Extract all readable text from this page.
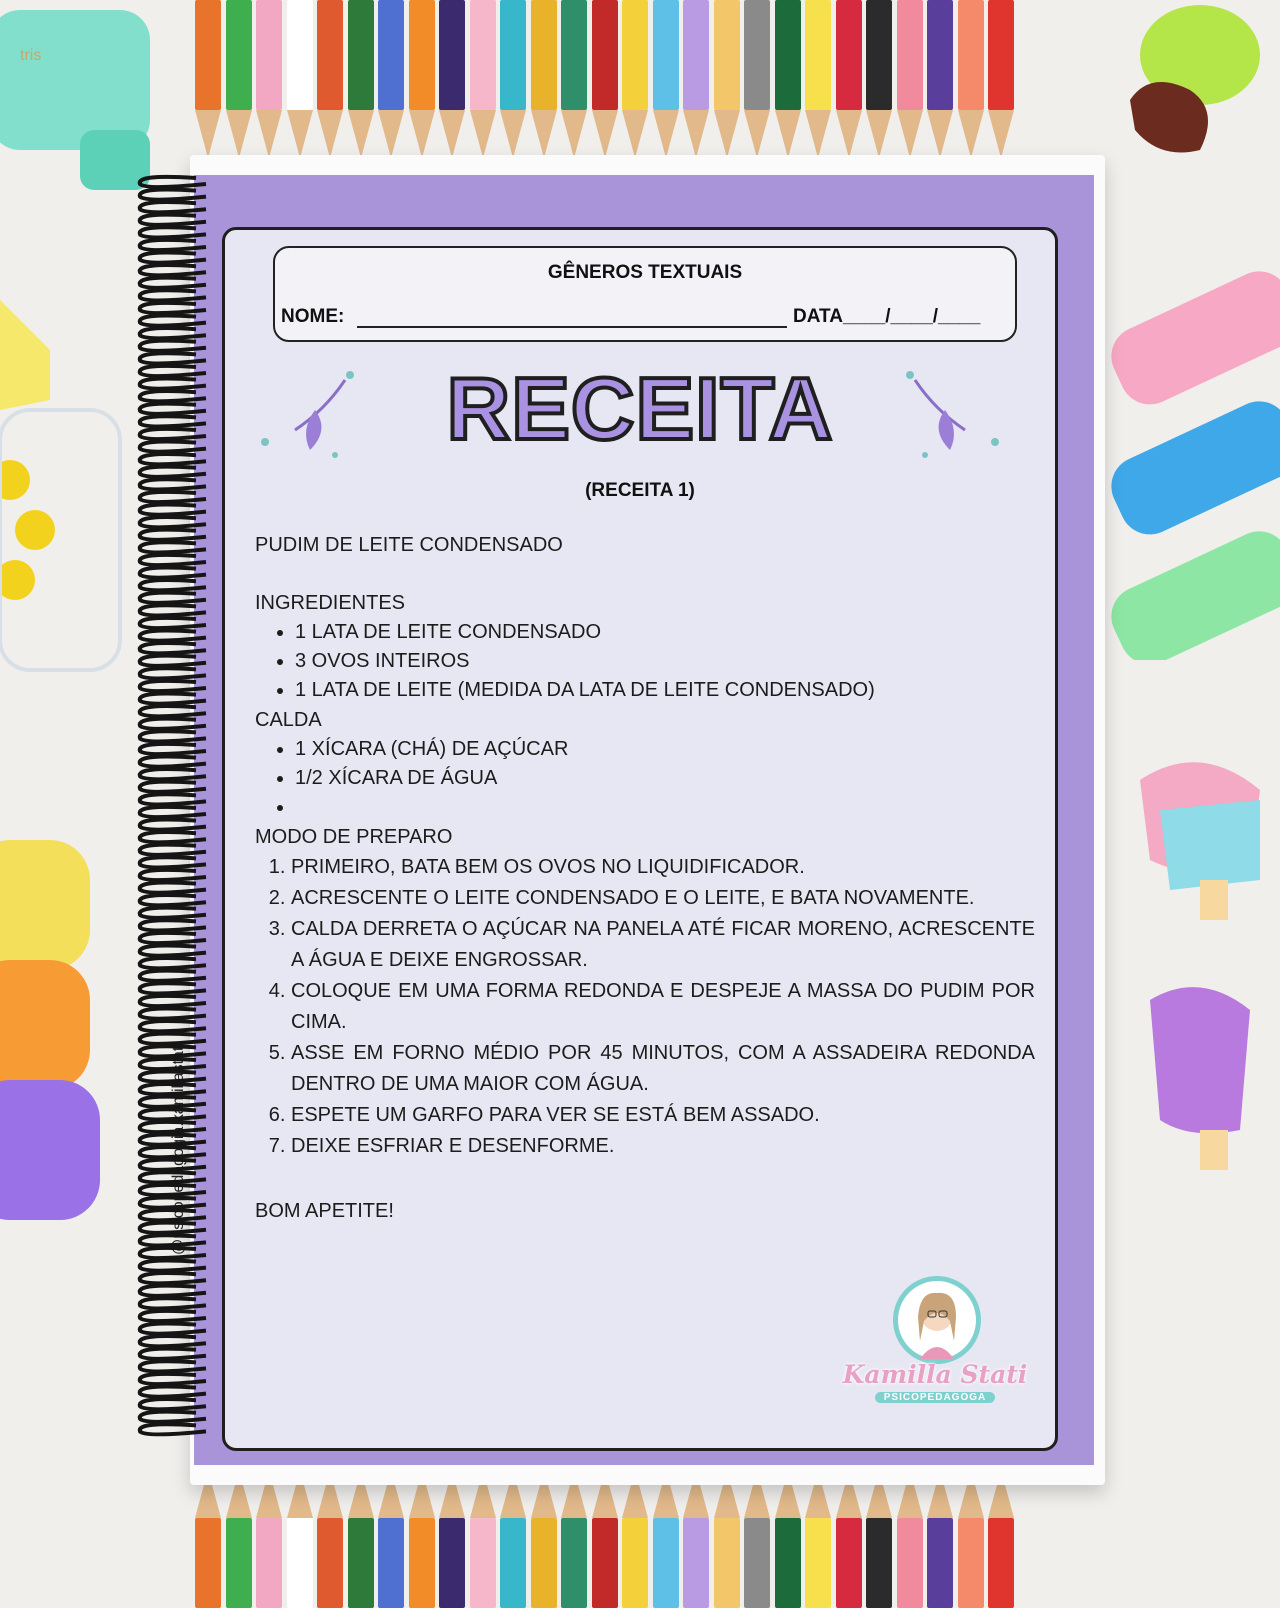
tris
GÊNEROS TEXTUAIS
NOME:	DATA____/____/____
RECEITA
(RECEITA 1)

PUDIM DE LEITE CONDENSADO

INGREDIENTES

• 1 LATA DE LEITE CONDENSADO
• 3 OVOS INTEIROS
• 1 LATA DE LEITE (MEDIDA DA LATA DE LEITE CONDENSADO)

CALDA

• 1 XÍCARA (CHÁ) DE AÇÚCAR
• 1/2 XÍCARA DE ÁGUA
•

MODO DE PREPARO

1. PRIMEIRO, BATA BEM OS OVOS NO LIQUIDIFICADOR.
2. ACRESCENTE O LEITE CONDENSADO E O LEITE, E BATA NOVAMENTE.
3. CALDA DERRETA O AÇÚCAR NA PANELA ATÉ FICAR MORENO, ACRESCENTE A ÁGUA E DEIXE ENGROSSAR.
4. COLOQUE EM UMA FORMA REDONDA E DESPEJE A MASSA DO PUDIM POR CIMA.
5. ASSE EM FORNO MÉDIO POR 45 MINUTOS, COM A ASSADEIRA REDONDA DENTRO DE UMA MAIOR COM ÁGUA.
6. ESPETE UM GARFO PARA VER SE ESTÁ BEM ASSADO.
7. DEIXE ESFRIAR E DESENFORME.

BOM APETITE!

Kamilla Stati
PSICOPEDAGOGA
@psicopedagogia.kamillastati
